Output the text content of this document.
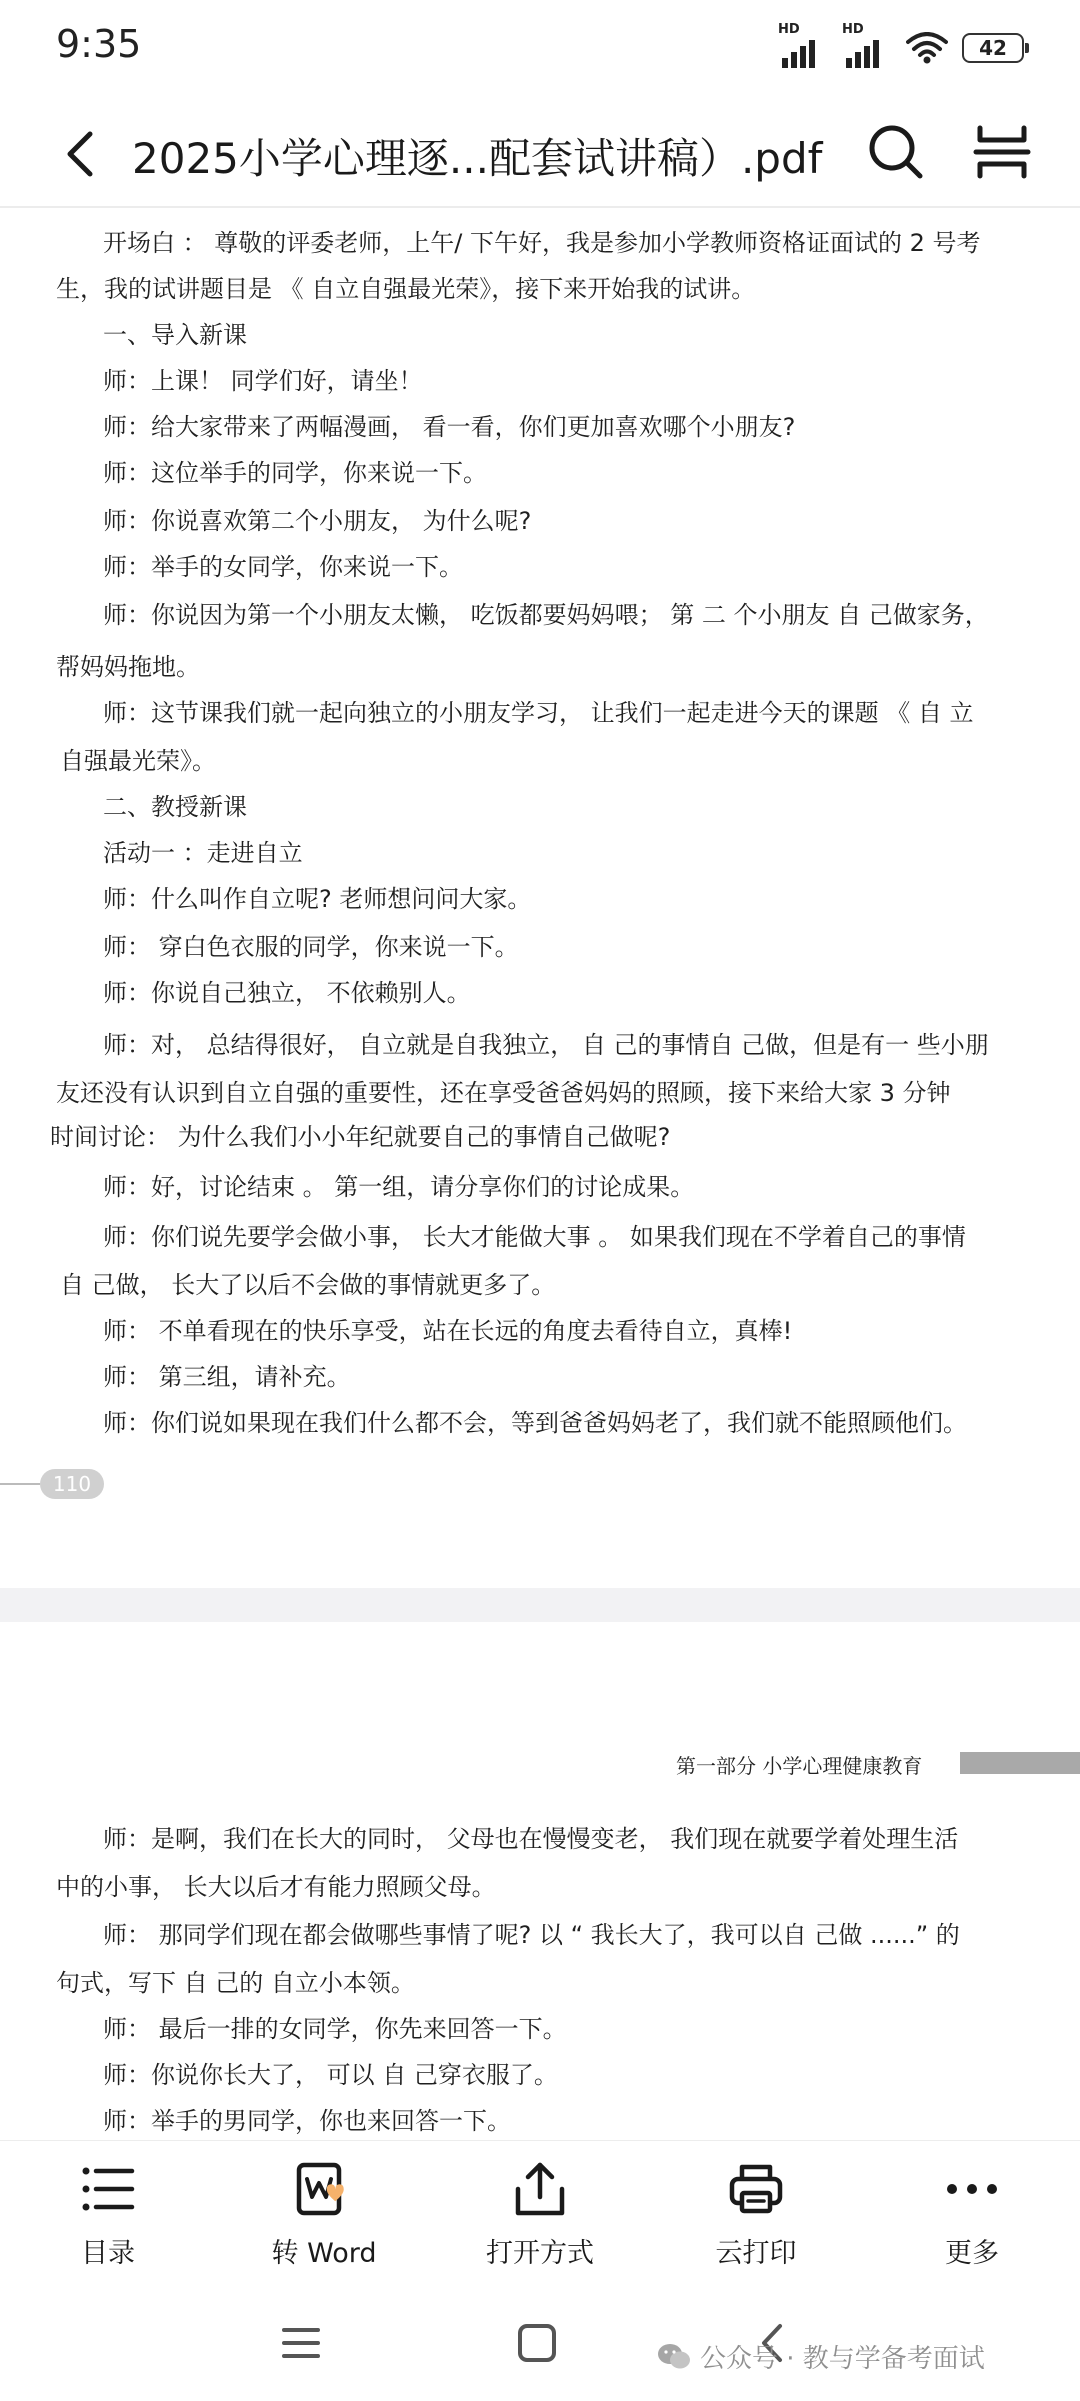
9:35	HD	HD
42
2025小学心理逐...配套试讲稿）.pdf
开场白 ： 尊敬的评委老师，上午/ 下午好，我是参加小学教师资格证面试的 2 号考
生，我的试讲题目是 《 自立自强最光荣》，接下来开始我的试讲。
一、导入新课
师：上课！ 同学们好，请坐！
师：给大家带来了两幅漫画， 看一看，你们更加喜欢哪个小朋友?
师：这位举手的同学，你来说一下。
师：你说喜欢第二个小朋友， 为什么呢?
师：举手的女同学，你来说一下。
师：你说因为第一个小朋友太懒， 吃饭都要妈妈喂； 第 二 个小朋友 自 己做家务，
帮妈妈拖地。
师：这节课我们就一起向独立的小朋友学习， 让我们一起走进今天的课题 《 自 立
自强最光荣》。
二、教授新课
活动一 ：走进自立
师：什么叫作自立呢? 老师想问问大家。
师： 穿白色衣服的同学，你来说一下。
师：你说自己独立， 不依赖别人。
师：对， 总结得很好， 自立就是自我独立， 自 己的事情自 己做，但是有一 些小朋
友还没有认识到自立自强的重要性，还在享受爸爸妈妈的照顾，接下来给大家 3 分钟
时间讨论： 为什么我们小小年纪就要自己的事情自己做呢?
师：好，讨论结束 。 第一组，请分享你们的讨论成果。
师：你们说先要学会做小事， 长大才能做大事 。 如果我们现在不学着自己的事情
自 己做， 长大了以后不会做的事情就更多了。
师： 不单看现在的快乐享受，站在长远的角度去看待自立，真棒!
师： 第三组，请补充。
师：你们说如果现在我们什么都不会，等到爸爸妈妈老了，我们就不能照顾他们。
110
第一部分 小学心理健康教育
师：是啊，我们在长大的同时， 父母也在慢慢变老， 我们现在就要学着处理生活
中的小事， 长大以后才有能力照顾父母。
师： 那同学们现在都会做哪些事情了呢? 以 “ 我长大了，我可以自 己做 ......” 的
句式，写下 自 己的 自立小本领。
师： 最后一排的女同学，你先来回答一下。
师：你说你长大了， 可以 自 己穿衣服了。
师：举手的男同学，你也来回答一下。
目录	转 Word	打开方式	云打印	更多
公众号 · 教与学备考面试
